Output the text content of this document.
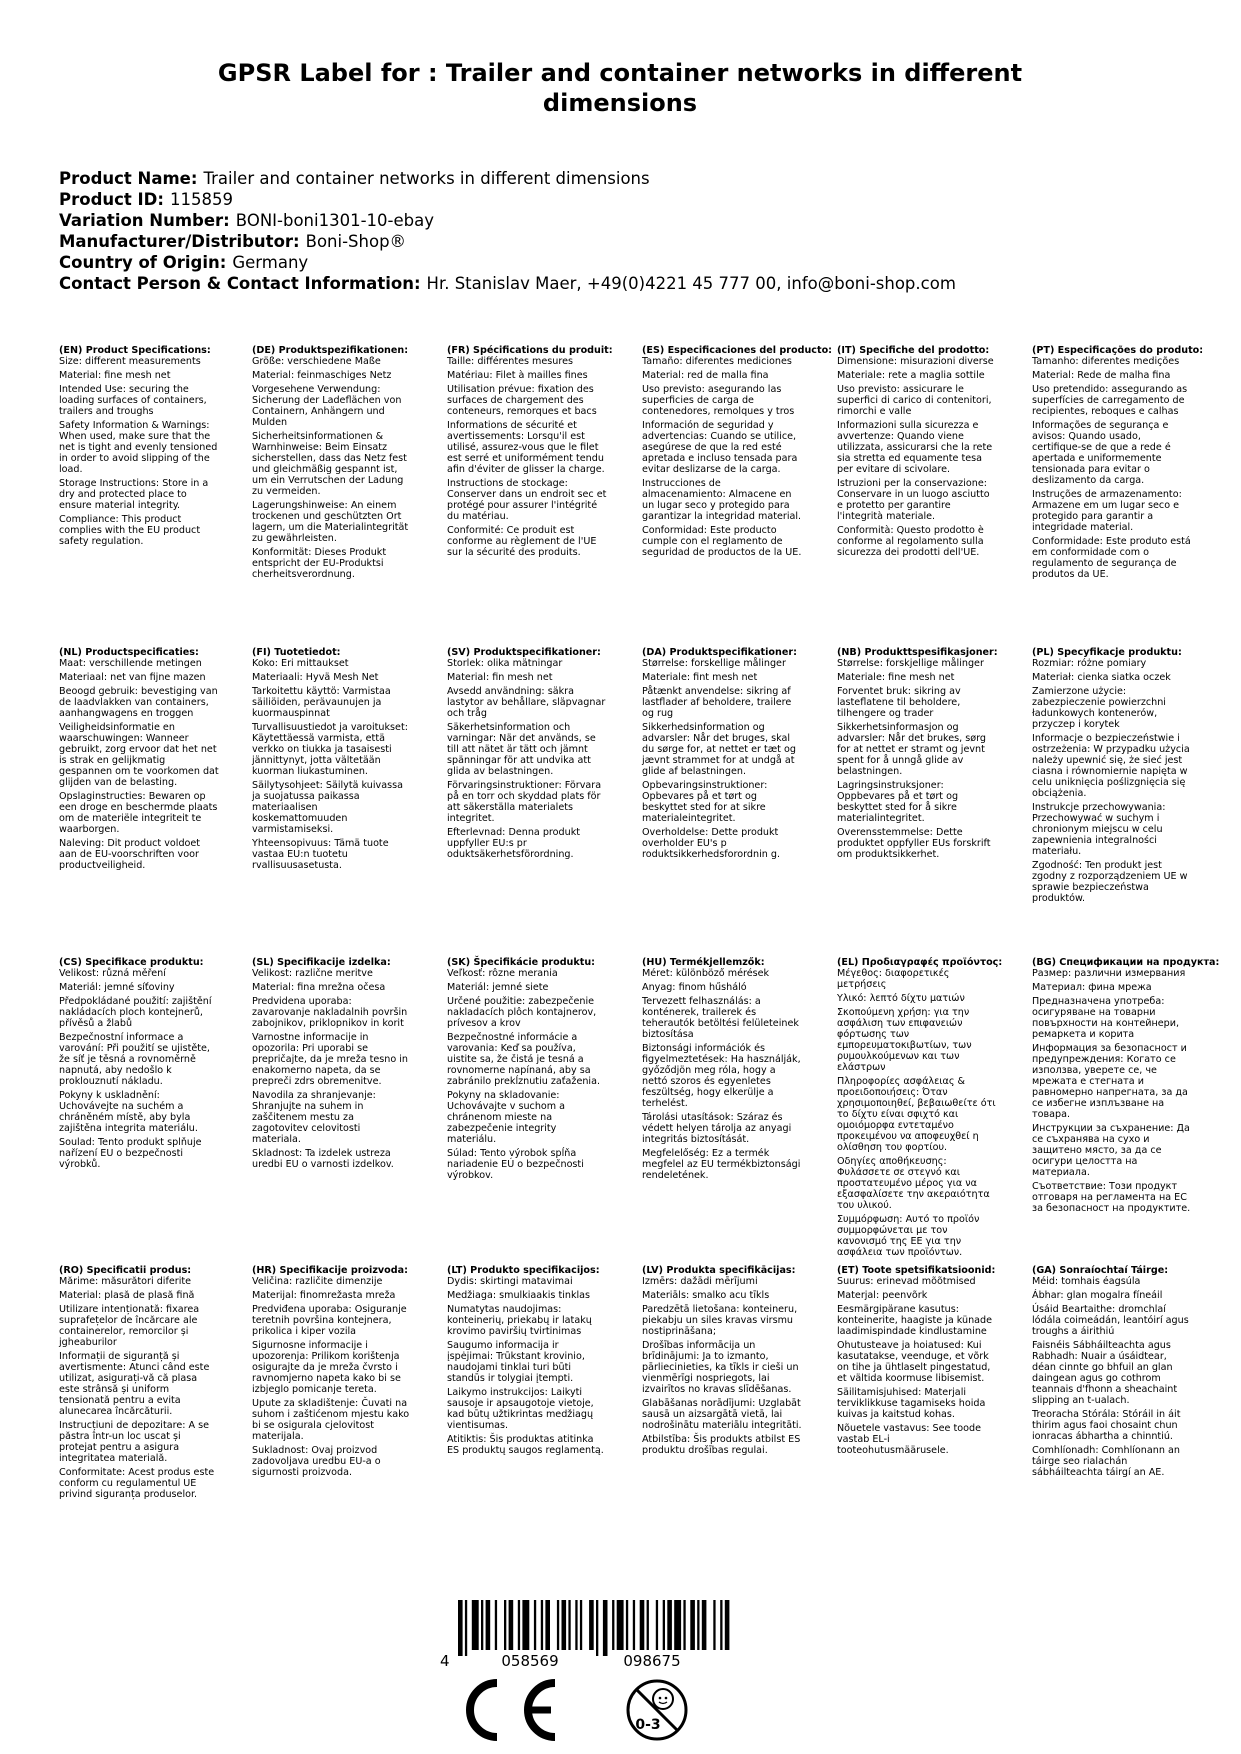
GPSR Label for : Trailer and container networks in different dimensions
Product Name: Trailer and container networks in different dimensions
Product ID: 115859
Variation Number: BONI-boni1301-10-ebay
Manufacturer/Distributor: Boni-Shop®
Country of Origin: Germany
Contact Person & Contact Information: Hr. Stanislav Maer, +49(0)4221 45 777 00, info@boni-shop.com
(EN) Product Specifications:
Size: different measurements
Material: fine mesh net
Intended Use: securing the loading surfaces of containers, trailers and troughs
Safety Information & Warnings: When used, make sure that the net is tight and evenly tensioned in order to avoid slipping of the load.
Storage Instructions: Store in a dry and protected place to ensure material integrity.
Compliance: This product complies with the EU product safety regulation.
(DE) Produktspezifikationen:
Größe: verschiedene Maße
Material: feinmaschiges Netz
Vorgesehene Verwendung: Sicherung der Ladeflächen von Containern, Anhängern und Mulden
Sicherheitsinformationen & Warnhinweise: Beim Einsatz sicherstellen, dass das Netz fest und gleichmäßig gespannt ist, um ein Verrutschen der Ladung zu vermeiden.
Lagerungshinweise: An einem trockenen und geschützten Ort lagern, um die Materialintegrität zu gewährleisten.
Konformität: Dieses Produkt entspricht der EU-Produktsi cherheitsverordnung.
(FR) Spécifications du produit:
Taille: différentes mesures
Matériau: Filet à mailles fines
Utilisation prévue: fixation des surfaces de chargement des conteneurs, remorques et bacs
Informations de sécurité et avertissements: Lorsqu'il est utilisé, assurez-vous que le filet est serré et uniformément tendu afin d'éviter de glisser la charge.
Instructions de stockage: Conserver dans un endroit sec et protégé pour assurer l'intégrité du matériau.
Conformité: Ce produit est conforme au règlement de l'UE sur la sécurité des produits.
(ES) Especificaciones del producto:
Tamaño: diferentes mediciones
Material: red de malla fina
Uso previsto: asegurando las superficies de carga de contenedores, remolques y tros
Información de seguridad y advertencias: Cuando se utilice, asegúrese de que la red esté apretada e incluso tensada para evitar deslizarse de la carga.
Instrucciones de almacenamiento: Almacene en un lugar seco y protegido para garantizar la integridad material.
Conformidad: Este producto cumple con el reglamento de seguridad de productos de la UE.
(IT) Specifiche del prodotto:
Dimensione: misurazioni diverse
Materiale: rete a maglia sottile
Uso previsto: assicurare le superfici di carico di contenitori, rimorchi e valle
Informazioni sulla sicurezza e avvertenze: Quando viene utilizzata, assicurarsi che la rete sia stretta ed equamente tesa per evitare di scivolare.
Istruzioni per la conservazione: Conservare in un luogo asciutto e protetto per garantire l'integrità materiale.
Conformità: Questo prodotto è conforme al regolamento sulla sicurezza dei prodotti dell'UE.
(PT) Especificações do produto:
Tamanho: diferentes medições
Material: Rede de malha fina
Uso pretendido: assegurando as superfícies de carregamento de recipientes, reboques e calhas
Informações de segurança e avisos: Quando usado, certifique-se de que a rede é apertada e uniformemente tensionada para evitar o deslizamento da carga.
Instruções de armazenamento: Armazene em um lugar seco e protegido para garantir a integridade material.
Conformidade: Este produto está em conformidade com o regulamento de segurança de produtos da UE.
(NL) Productspecificaties:
Maat: verschillende metingen
Materiaal: net van fijne mazen
Beoogd gebruik: bevestiging van de laadvlakken van containers, aanhangwagens en troggen
Veiligheidsinformatie en waarschuwingen: Wanneer gebruikt, zorg ervoor dat het net is strak en gelijkmatig gespannen om te voorkomen dat glijden van de belasting.
Opslaginstructies: Bewaren op een droge en beschermde plaats om de materiële integriteit te waarborgen.
Naleving: Dit product voldoet aan de EU-voorschriften voor productveiligheid.
(FI) Tuotetiedot:
Koko: Eri mittaukset
Materiaali: Hyvä Mesh Net
Tarkoitettu käyttö: Varmistaa säiliöiden, perävaunujen ja kuormauspinnat
Turvallisuustiedot ja varoitukset: Käytettäessä varmista, että verkko on tiukka ja tasaisesti jännittynyt, jotta vältetään kuorman liukastuminen.
Säilytysohjeet: Säilytä kuivassa ja suojatussa paikassa materiaalisen koskemattomuuden varmistamiseksi.
Yhteensopivuus: Tämä tuote vastaa EU:n tuotetu rvallisuusasetusta.
(SV) Produktspecifikationer:
Storlek: olika mätningar
Material: fin mesh net
Avsedd användning: säkra lastytor av behållare, släpvagnar och tråg
Säkerhetsinformation och varningar: När det används, se till att nätet är tätt och jämnt spänningar för att undvika att glida av belastningen.
Förvaringsinstruktioner: Förvara på en torr och skyddad plats för att säkerställa materialets integritet.
Efterlevnad: Denna produkt uppfyller EU:s pr oduktsäkerhetsförordning.
(DA) Produktspecifikationer:
Størrelse: forskellige målinger
Materiale: fint mesh net
Påtænkt anvendelse: sikring af lastflader af beholdere, trailere og rug
Sikkerhedsinformation og advarsler: Når det bruges, skal du sørge for, at nettet er tæt og jævnt strammet for at undgå at glide af belastningen.
Opbevaringsinstruktioner: Opbevares på et tørt og beskyttet sted for at sikre materialeintegritet.
Overholdelse: Dette produkt overholder EU's p roduktsikkerhedsforordnin g.
(NB) Produkttspesifikasjoner:
Størrelse: forskjellige målinger
Materiale: fine mesh net
Forventet bruk: sikring av lasteflatene til beholdere, tilhengere og trader
Sikkerhetsinformasjon og advarsler: Når det brukes, sørg for at nettet er stramt og jevnt spent for å unngå glide av belastningen.
Lagringsinstruksjoner: Oppbevares på et tørt og beskyttet sted for å sikre materialintegritet.
Overensstemmelse: Dette produktet oppfyller EUs forskrift om produktsikkerhet.
(PL) Specyfikacje produktu:
Rozmiar: różne pomiary
Materiał: cienka siatka oczek
Zamierzone użycie: zabezpieczenie powierzchni ładunkowych kontenerów, przyczep i korytek
Informacje o bezpieczeństwie i ostrzeżenia: W przypadku użycia należy upewnić się, że sieć jest ciasna i równomiernie napięta w celu uniknięcia poślizgnięcia się obciążenia.
Instrukcje przechowywania: Przechowywać w suchym i chronionym miejscu w celu zapewnienia integralności materiału.
Zgodność: Ten produkt jest zgodny z rozporządzeniem UE w sprawie bezpieczeństwa produktów.
(CS) Specifikace produktu:
Velikost: různá měření
Materiál: jemné síťoviny
Předpokládané použití: zajištění nakládacích ploch kontejnerů, přívěsů a žlabů
Bezpečnostní informace a varování: Při použití se ujistěte, že síť je těsná a rovnoměrně napnutá, aby nedošlo k proklouznutí nákladu.
Pokyny k uskladnění: Uchovávejte na suchém a chráněném místě, aby byla zajištěna integrita materiálu.
Soulad: Tento produkt splňuje nařízení EU o bezpečnosti výrobků.
(SL) Specifikacije izdelka:
Velikost: različne meritve
Material: fina mrežna očesa
Predvidena uporaba: zavarovanje nakladalnih površin zabojnikov, priklopnikov in korit
Varnostne informacije in opozorila: Pri uporabi se prepričajte, da je mreža tesno in enakomerno napeta, da se prepreči zdrs obremenitve.
Navodila za shranjevanje: Shranjujte na suhem in zaščitenem mestu za zagotovitev celovitosti materiala.
Skladnost: Ta izdelek ustreza uredbi EU o varnosti izdelkov.
(SK) Špecifikácie produktu:
Veľkosť: rôzne merania
Materiál: jemné siete
Určené použitie: zabezpečenie nakladacích plôch kontajnerov, prívesov a krov
Bezpečnostné informácie a varovania: Keď sa používa, uistite sa, že čistá je tesná a rovnomerne napínaná, aby sa zabránilo prekĺznutiu zaťaženia.
Pokyny na skladovanie: Uchovávajte v suchom a chránenom mieste na zabezpečenie integrity materiálu.
Súlad: Tento výrobok spĺňa nariadenie EÚ o bezpečnosti výrobkov.
(HU) Termékjellemzők:
Méret: különböző mérések
Anyag: finom hűsháló
Tervezett felhasználás: a konténerek, trailerek és teherautók betöltési felületeinek biztosítása
Biztonsági információk és figyelmeztetések: Ha használják, győződjön meg róla, hogy a nettó szoros és egyenletes feszültség, hogy elkerülje a terhelést.
Tárolási utasítások: Száraz és védett helyen tárolja az anyagi integritás biztosítását.
Megfelelőség: Ez a termék megfelel az EU termékbiztonsági rendeletének.
(EL) Προδιαγραφές προϊόντος:
Μέγεθος: διαφορετικές μετρήσεις
Υλικό: λεπτό δίχτυ ματιών
Σκοπούμενη χρήση: για την ασφάλιση των επιφανειών φόρτωσης των εμπορευματοκιβωτίων, των ρυμουλκούμενων και των ελάστρων
Πληροφορίες ασφάλειας & προειδοποιήσεις: Όταν χρησιμοποιηθεί, βεβαιωθείτε ότι το δίχτυ είναι σφιχτό και ομοιόμορφα εντεταμένο προκειμένου να αποφευχθεί η ολίσθηση του φορτίου.
Οδηγίες αποθήκευσης: Φυλάσσετε σε στεγνό και προστατευμένο μέρος για να εξασφαλίσετε την ακεραιότητα του υλικού.
Συμμόρφωση: Αυτό το προϊόν συμμορφώνεται με τον κανονισμό της ΕΕ για την ασφάλεια των προϊόντων.
(BG) Спецификации на продукта:
Размер: различни измервания
Материал: фина мрежа
Предназначена употреба: осигуряване на товарни повърхности на контейнери, ремаркета и корита
Информация за безопасност и предупреждения: Когато се използва, уверете се, че мрежата е стегната и равномерно напрегната, за да се избегне изплъзване на товара.
Инструкции за съхранение: Да се съхранява на сухо и защитено място, за да се осигури целостта на материала.
Съответствие: Този продукт отговаря на регламента на ЕС за безопасност на продуктите.
(RO) Specificatii produs:
Mărime: măsurători diferite
Material: plasă de plasă fină
Utilizare intenționată: fixarea suprafețelor de încărcare ale containerelor, remorcilor și jgheaburilor
Informații de siguranță și avertismente: Atunci când este utilizat, asigurați-vă că plasa este strânsă și uniform tensionată pentru a evita alunecarea încărcăturii.
Instrucțiuni de depozitare: A se păstra într-un loc uscat și protejat pentru a asigura integritatea materială.
Conformitate: Acest produs este conform cu regulamentul UE privind siguranța produselor.
(HR) Specifikacije proizvoda:
Veličina: različite dimenzije
Materijal: finomrežasta mreža
Predviđena uporaba: Osiguranje teretnih površina kontejnera, prikolica i kiper vozila
Sigurnosne informacije i upozorenja: Prilikom korištenja osigurajte da je mreža čvrsto i ravnomjerno napeta kako bi se izbjeglo pomicanje tereta.
Upute za skladištenje: Čuvati na suhom i zaštićenom mjestu kako bi se osigurala cjelovitost materijala.
Sukladnost: Ovaj proizvod zadovoljava uredbu EU-a o sigurnosti proizvoda.
(LT) Produkto specifikacijos:
Dydis: skirtingi matavimai
Medžiaga: smulkiaakis tinklas
Numatytas naudojimas: konteinerių, priekabų ir latakų krovimo paviršių tvirtinimas
Saugumo informacija ir įspėjimai: Trūkstant krovinio, naudojami tinklai turi būti standūs ir tolygiai įtempti.
Laikymo instrukcijos: Laikyti sausoje ir apsaugotoje vietoje, kad būtų užtikrintas medžiagų vientisumas.
Atitiktis: Šis produktas atitinka ES produktų saugos reglamentą.
(LV) Produkta specifikācijas:
Izmērs: dažādi mērījumi
Materiāls: smalko acu tīkls
Paredzētā lietošana: konteineru, piekabju un siles kravas virsmu nostiprināšana;
Drošības informācija un brīdinājumi: Ja to izmanto, pārliecinieties, ka tīkls ir cieši un vienmērīgi nospriegots, lai izvairītos no kravas slīdēšanas.
Glabāšanas norādījumi: Uzglabāt sausā un aizsargātā vietā, lai nodrošinātu materiālu integritāti.
Atbilstība: Šis produkts atbilst ES produktu drošības regulai.
(ET) Toote spetsifikatsioonid:
Suurus: erinevad mõõtmised
Materjal: peenvõrk
Eesmärgipärane kasutus: konteinerite, haagiste ja künade laadimispindade kindlustamine
Ohutusteave ja hoiatused: Kui kasutatakse, veenduge, et võrk on tihe ja ühtlaselt pingestatud, et vältida koormuse libisemist.
Säilitamisjuhised: Materjali terviklikkuse tagamiseks hoida kuivas ja kaitstud kohas.
Nõuetele vastavus: See toode vastab EL-i tooteohutusmäärusele.
(GA) Sonraíochtaí Táirge:
Méid: tomhais éagsúla
Ábhar: glan mogalra fíneáil
Úsáid Beartaithe: dromchlaí lódála coimeádán, leantóirí agus troughs a áirithiú
Faisnéis Sábháilteachta agus Rabhadh: Nuair a úsáidtear, déan cinnte go bhfuil an glan daingean agus go cothrom teannais d'fhonn a sheachaint slipping an t-ualach.
Treoracha Stórála: Stóráil in áit thirim agus faoi chosaint chun ionracas ábhartha a chinntiú.
Comhlíonadh: Comhlíonann an táirge seo rialachán sábháilteachta táirgí an AE.
4	058569	098675
0-3
